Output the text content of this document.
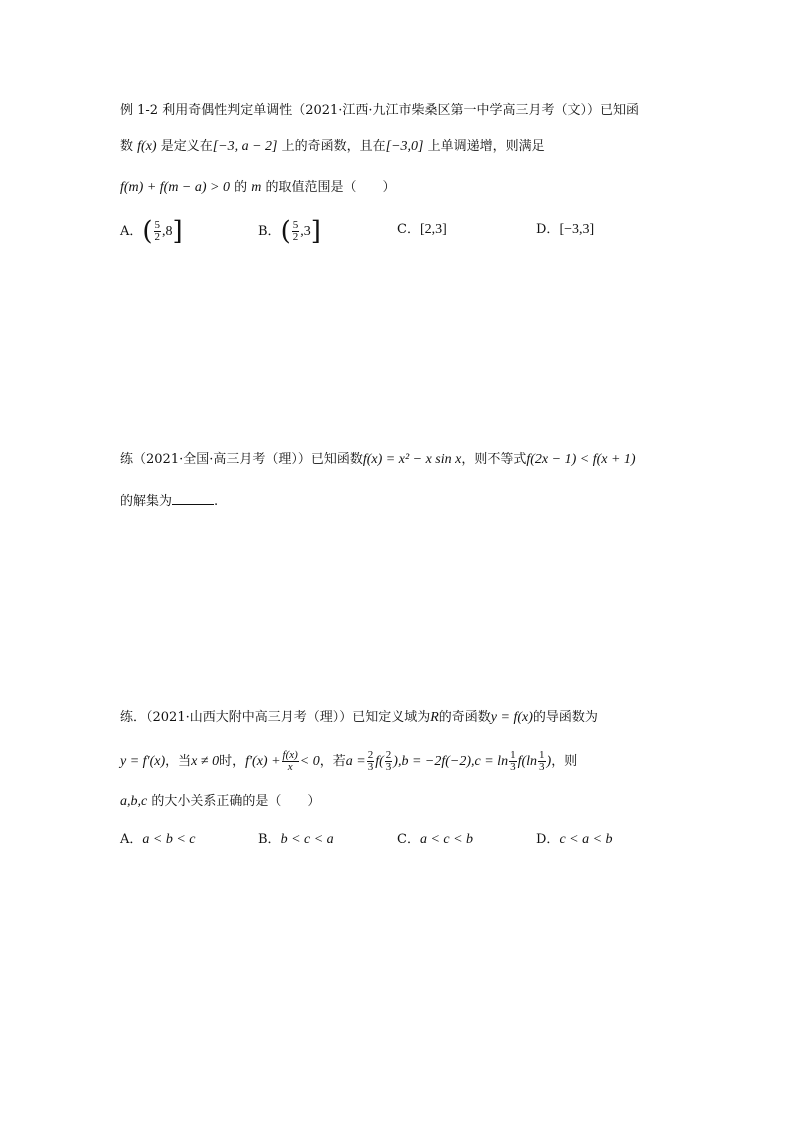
例 1-2 利用奇偶性判定单调性（2021·江西·九江市柴桑区第一中学高三月考（文））已知函
数 f(x) 是定义在[−3, a − 2] 上的奇函数，且在[−3,0] 上单调递增，则满足
f(m) + f(m − a) > 0 的 m 的取值范围是（　　）
A．( $\frac{5}{2} ,8$]	B．( $\frac{5}{2} ,3$]	C．[2,3]	D．[−3,3]
练（2021·全国·高三月考（理））已知函数f(x) = x² − x sin x，则不等式f(2x − 1) < f(x + 1)
的解集为	.
练．（2021·山西大附中高三月考（理））已知定义域为R的奇函数y = f(x)的导函数为
y = f′(x)，当x ≠ 0时，$f'(x) + \frac{f(x)}{x} < 0$，若$a = \frac{2}{3} f( \frac{2}{3} ),b = -2f(-2),c = \ln \frac{1}{3} f(\ln \frac{1}{3}$ )，则
a,b,c 的大小关系正确的是（　　）
A．a < b < c	B．b < c < a	C．a < c < b	D．c < a < b
